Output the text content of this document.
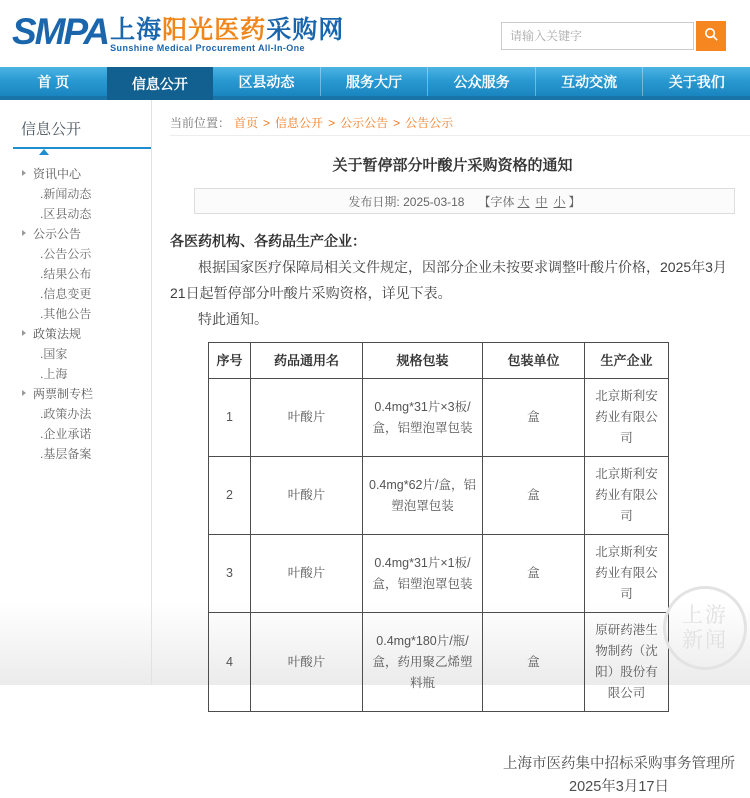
SMPA 上海阳光医药采购网
Sunshine Medical Procurement All-In-One
请输入关键字
首 页	信息公开	区县动态	服务大厅	公众服务	互动交流	关于我们
信息公开
资讯中心
.新闻动态
.区县动态
公示公告
.公告公示
.结果公布
.信息变更
.其他公告
政策法规
.国家
.上海
两票制专栏
.政策办法
.企业承诺
.基层备案
当前位置： 首页 > 信息公开 > 公示公告 > 公告公示
关于暂停部分叶酸片采购资格的通知
发布日期: 2025-03-18 【字体 大 中 小 】

各医药机构、各药品生产企业：

根据国家医疗保障局相关文件规定，因部分企业未按要求调整叶酸片价格，2025年3月21日起暂停部分叶酸片采购资格，详见下表。

特此通知。

序号	药品通用名	规格包装	包装单位	生产企业
1	叶酸片	0.4mg*31片×3板/盒，铝塑泡罩包装	盒	北京斯利安药业有限公司
2	叶酸片	0.4mg*62片/盒，铝塑泡罩包装	盒	北京斯利安药业有限公司
3	叶酸片	0.4mg*31片×1板/盒，铝塑泡罩包装	盒	北京斯利安药业有限公司
4	叶酸片	0.4mg*180片/瓶/盒，药用聚乙烯塑料瓶	盒	原研药港生物制药（沈阳）股份有限公司
上海市医药集中招标采购事务管理所
2025年3月17日
上游
新闻
